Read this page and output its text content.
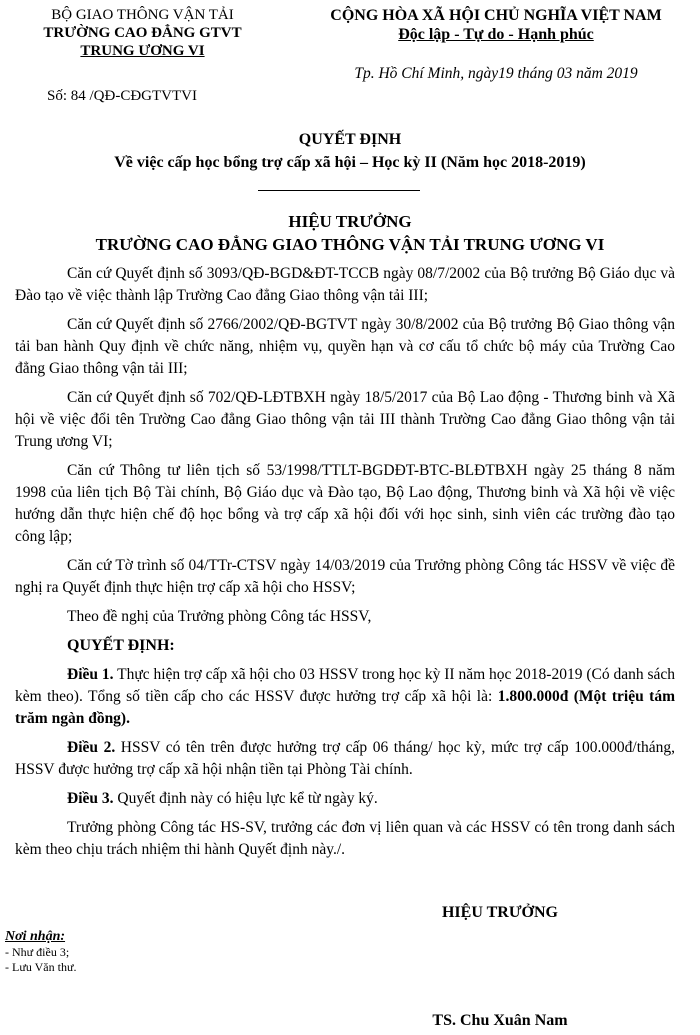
BỘ GIAO THÔNG VẬN TẢI
TRƯỜNG CAO ĐẲNG GTVT
TRUNG ƯƠNG VI
Số: 84 /QĐ-CĐGTVTVI
CỘNG HÒA XÃ HỘI CHỦ NGHĨA VIỆT NAM
Độc lập - Tự do - Hạnh phúc
Tp. Hồ Chí Minh, ngày19 tháng 03 năm 2019
QUYẾT ĐỊNH
Về việc cấp học bổng trợ cấp xã hội – Học kỳ II (Năm học 2018-2019)
HIỆU TRƯỞNG
TRƯỜNG CAO ĐẲNG GIAO THÔNG VẬN TẢI TRUNG ƯƠNG VI

Căn cứ Quyết định số 3093/QĐ-BGD&ĐT-TCCB ngày 08/7/2002 của Bộ trưởng Bộ Giáo dục và Đào tạo về việc thành lập Trường Cao đẳng Giao thông vận tải III;

Căn cứ Quyết định số 2766/2002/QĐ-BGTVT ngày 30/8/2002 của Bộ trưởng Bộ Giao thông vận tải ban hành Quy định về chức năng, nhiệm vụ, quyền hạn và cơ cấu tổ chức bộ máy của Trường Cao đẳng Giao thông vận tải III;

Căn cứ Quyết định số 702/QĐ-LĐTBXH ngày 18/5/2017 của Bộ Lao động - Thương binh và Xã hội về việc đổi tên Trường Cao đẳng Giao thông vận tải III thành Trường Cao đẳng Giao thông vận tải Trung ương VI;

Căn cứ Thông tư liên tịch số 53/1998/TTLT-BGDĐT-BTC-BLĐTBXH ngày 25 tháng 8 năm 1998 của liên tịch Bộ Tài chính, Bộ Giáo dục và Đào tạo, Bộ Lao động, Thương binh và Xã hội về việc hướng dẫn thực hiện chế độ học bổng và trợ cấp xã hội đối với học sinh, sinh viên các trường đào tạo công lập;

Căn cứ Tờ trình số 04/TTr-CTSV ngày 14/03/2019 của Trưởng phòng Công tác HSSV về việc đề nghị ra Quyết định thực hiện trợ cấp xã hội cho HSSV;

Theo đề nghị của Trưởng phòng Công tác HSSV,

QUYẾT ĐỊNH:

Điều 1. Thực hiện trợ cấp xã hội cho 03 HSSV trong học kỳ II năm học 2018-2019 (Có danh sách kèm theo). Tổng số tiền cấp cho các HSSV được hưởng trợ cấp xã hội là: 1.800.000đ (Một triệu tám trăm ngàn đồng).

Điều 2. HSSV có tên trên được hưởng trợ cấp 06 tháng/ học kỳ, mức trợ cấp 100.000đ/tháng, HSSV được hưởng trợ cấp xã hội nhận tiền tại Phòng Tài chính.

Điều 3. Quyết định này có hiệu lực kể từ ngày ký.

Trưởng phòng Công tác HS-SV, trưởng các đơn vị liên quan và các HSSV có tên trong danh sách kèm theo chịu trách nhiệm thi hành Quyết định này./.

HIỆU TRƯỞNG
Nơi nhận:
- Như điều 3;
- Lưu Văn thư.
TS. Chu Xuân Nam
